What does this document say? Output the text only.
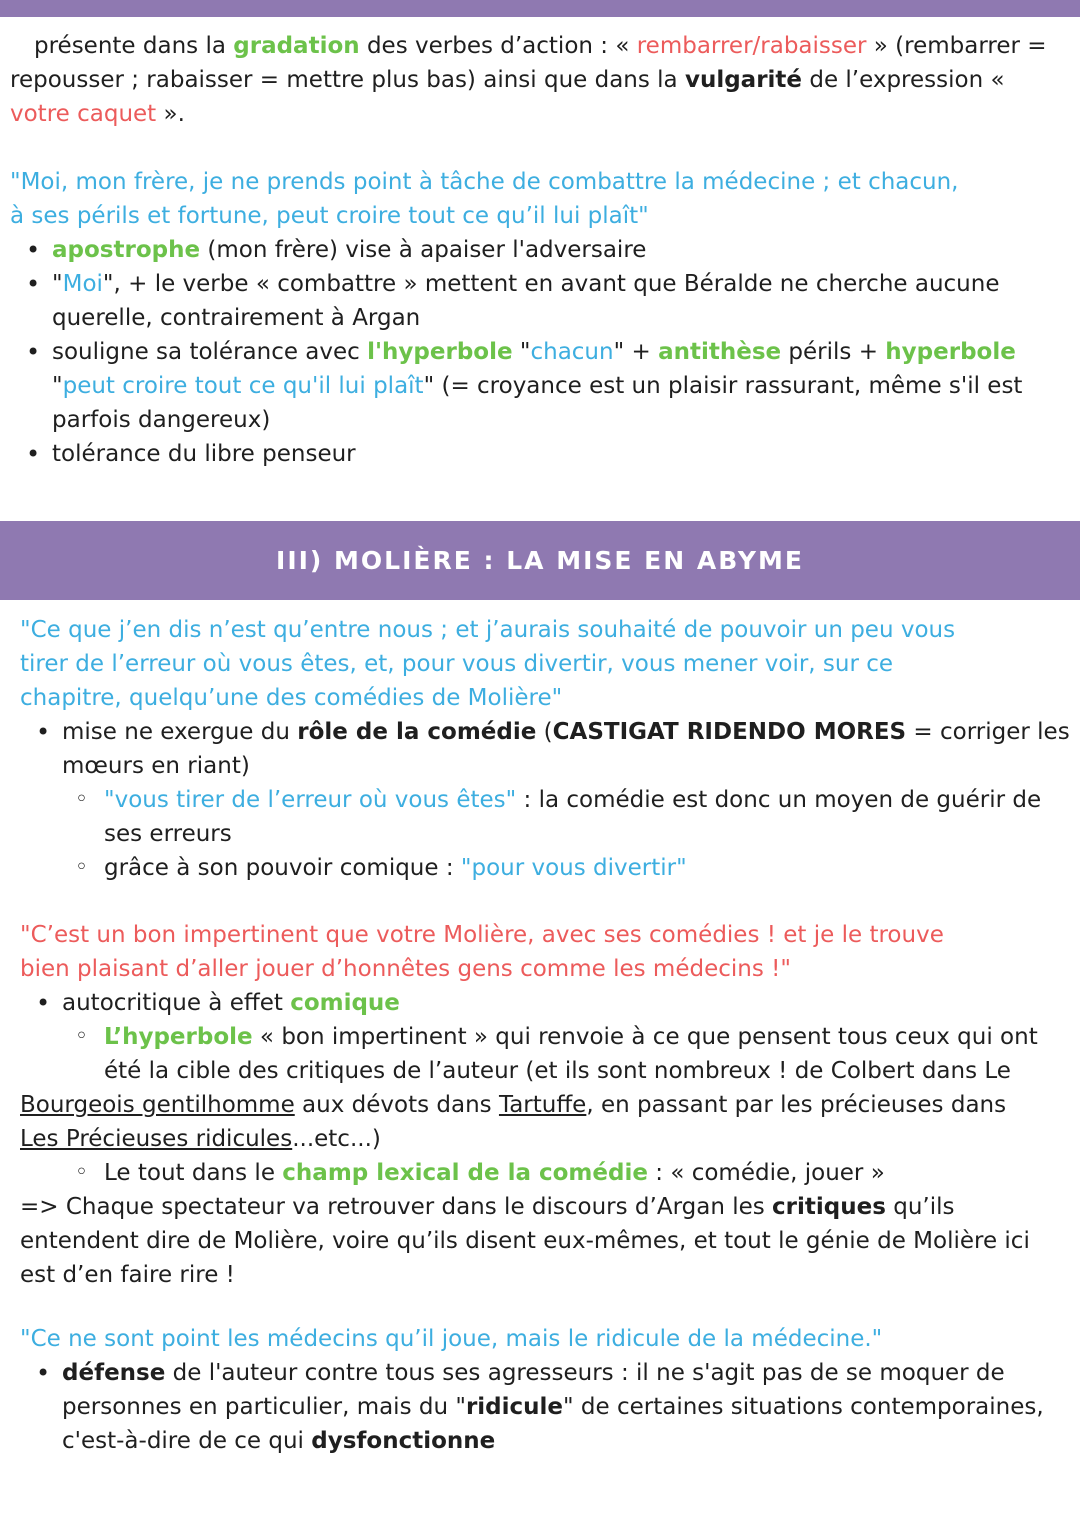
présente dans la gradation des verbes d’action : « rembarrer/rabaisser » (rembarrer =

repousser ; rabaisser = mettre plus bas) ainsi que dans la vulgarité de l’expression «

votre caquet ».

"Moi, mon frère, je ne prends point à tâche de combattre la médecine ; et chacun,

à ses périls et fortune, peut croire tout ce qu’il lui plaît"

• apostrophe (mon frère) vise à apaiser l'adversaire
• "Moi", + le verbe « combattre » mettent en avant que Béralde ne cherche aucune
querelle, contrairement à Argan
• souligne sa tolérance avec l'hyperbole "chacun" + antithèse périls + hyperbole
"peut croire tout ce qu'il lui plaît" (= croyance est un plaisir rassurant, même s'il est
parfois dangereux)
• tolérance du libre penseur
III) MOLIÈRE : LA MISE EN ABYME

"Ce que j’en dis n’est qu’entre nous ; et j’aurais souhaité de pouvoir un peu vous

tirer de l’erreur où vous êtes, et, pour vous divertir, vous mener voir, sur ce

chapitre, quelqu’une des comédies de Molière"

• mise ne exergue du rôle de la comédie (CASTIGAT RIDENDO MORES = corriger les
mœurs en riant)
◦ "vous tirer de l’erreur où vous êtes" : la comédie est donc un moyen de guérir de
ses erreurs
◦ grâce à son pouvoir comique : "pour vous divertir"

"C’est un bon impertinent que votre Molière, avec ses comédies ! et je le trouve

bien plaisant d’aller jouer d’honnêtes gens comme les médecins !"

• autocritique à effet comique
◦ L’hyperbole « bon impertinent » qui renvoie à ce que pensent tous ceux qui ont
été la cible des critiques de l’auteur (et ils sont nombreux ! de Colbert dans Le

Bourgeois gentilhomme aux dévots dans Tartuffe, en passant par les précieuses dans

Les Précieuses ridicules...etc...)

◦ Le tout dans le champ lexical de la comédie : « comédie, jouer »

=> Chaque spectateur va retrouver dans le discours d’Argan les critiques qu’ils

entendent dire de Molière, voire qu’ils disent eux-mêmes, et tout le génie de Molière ici

est d’en faire rire !

"Ce ne sont point les médecins qu’il joue, mais le ridicule de la médecine."

• défense de l'auteur contre tous ses agresseurs : il ne s'agit pas de se moquer de
personnes en particulier, mais du "ridicule" de certaines situations contemporaines,
c'est-à-dire de ce qui dysfonctionne
